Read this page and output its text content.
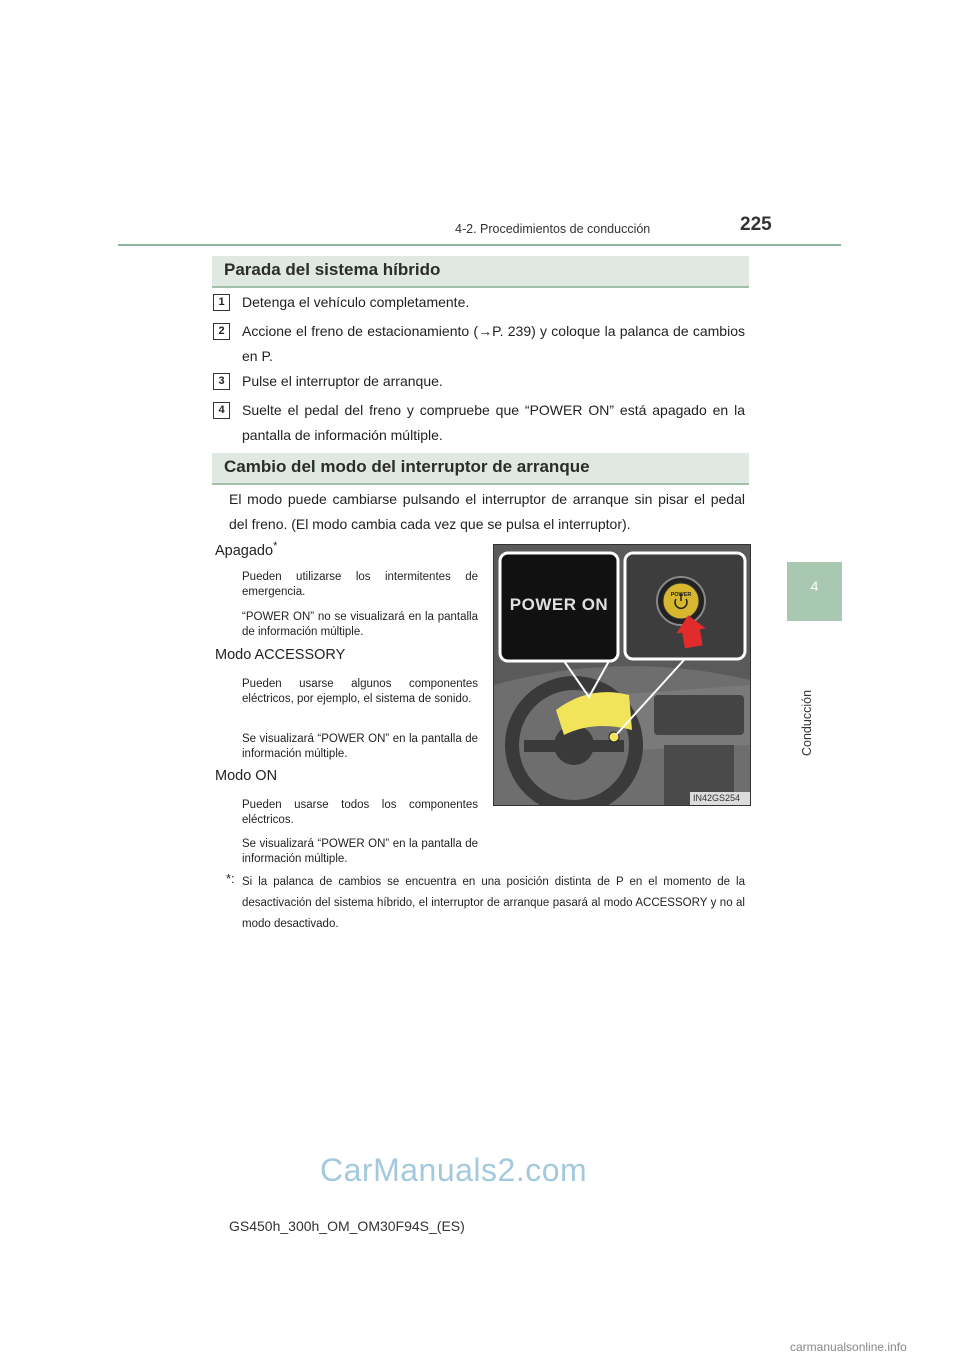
4-2. Procedimientos de conducción	225
4
Conducción
Parada del sistema híbrido
1	Detenga el vehículo completamente.
2	Accione el freno de estacionamiento (→P. 239) y coloque la palanca de cambios en P.
3	Pulse el interruptor de arranque.
4	Suelte el pedal del freno y compruebe que “POWER ON” está apagado en la pantalla de información múltiple.
Cambio del modo del interruptor de arranque
El modo puede cambiarse pulsando el interruptor de arranque sin pisar el pedal del freno. (El modo cambia cada vez que se pulsa el interruptor).
Apagado*
Pueden utilizarse los intermitentes de emergencia.
“POWER ON” no se visualizará en la pantalla de información múltiple.
Modo ACCESSORY
Pueden usarse algunos componentes eléctricos, por ejemplo, el sistema de sonido.
Se visualizará “POWER ON” en la pantalla de información múltiple.
Modo ON
Pueden usarse todos los componentes eléctricos.
Se visualizará “POWER ON” en la pantalla de información múltiple.
*: Si la palanca de cambios se encuentra en una posición distinta de P en el momento de la desactivación del sistema híbrido, el interruptor de arranque pasará al modo ACCESSORY y no al modo desactivado.
POWER ON	POWER
IN42GS254
GS450h_300h_OM_OM30F94S_(ES)
CarManuals2.com
carmanualsonline.info
